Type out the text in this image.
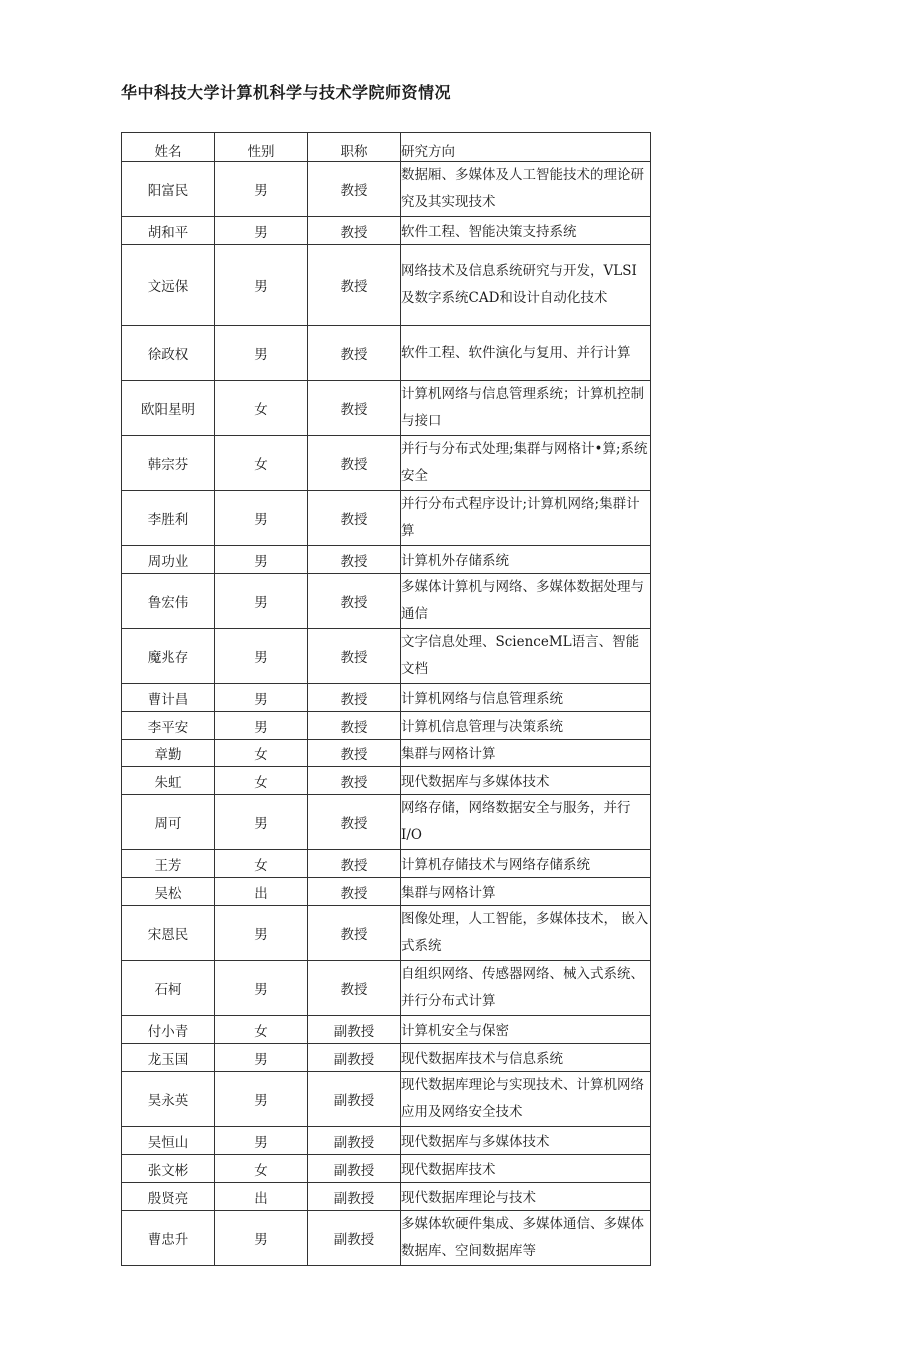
华中科技大学计算机科学与技术学院师资情况
姓名	性别	职称	研究方向
阳富民	男	教授	数据厢、多媒体及人工智能技术的理论研究及其实现技术
胡和平	男	教授	软件工程、智能决策支持系统
文远保	男	教授	网络技术及信息系统研究与开发，VLSI及数字系统CAD和设计自动化技术
徐政权	男	教授	软件工程、软件演化与复用、并行计算
欧阳星明	女	教授	计算机网络与信息管理系统；计算机控制与接口
韩宗芬	女	教授	并行与分布式处理;集群与网格计•算;系统安全
李胜利	男	教授	并行分布式程序设计;计算机网络;集群计算
周功业	男	教授	计算机外存储系统
鲁宏伟	男	教授	多媒体计算机与网络、多媒体数据处理与通信
魔兆存	男	教授	文字信息处理、ScienceML语言、智能文档
曹计昌	男	教授	计算机网络与信息管理系统
李平安	男	教授	计算机信息管理与决策系统
章勤	女	教授	集群与网格计算
朱虹	女	教授	现代数据库与多媒体技术
周可	男	教授	网络存储，网络数据安全与服务，并行I/O
王芳	女	教授	计算机存储技术与网络存储系统
吴松	出	教授	集群与网格计算
宋恩民	男	教授	图像处理，人工智能，多媒体技术， 嵌入式系统
石柯	男	教授	自组织网络、传感器网络、械入式系统、并行分布式计算
付小青	女	副教授	计算机安全与保密
龙玉国	男	副教授	现代数据库技术与信息系统
昊永英	男	副教授	现代数据库理论与实现技术、计算机网络应用及网络安全技术
吴恒山	男	副教授	现代数据库与多媒体技术
张文彬	女	副教授	现代数据库技术
殷贤亮	出	副教授	现代数据库理论与技术
曹忠升	男	副教授	多媒体软硬件集成、多媒体通信、多媒体数据库、空间数据库等
